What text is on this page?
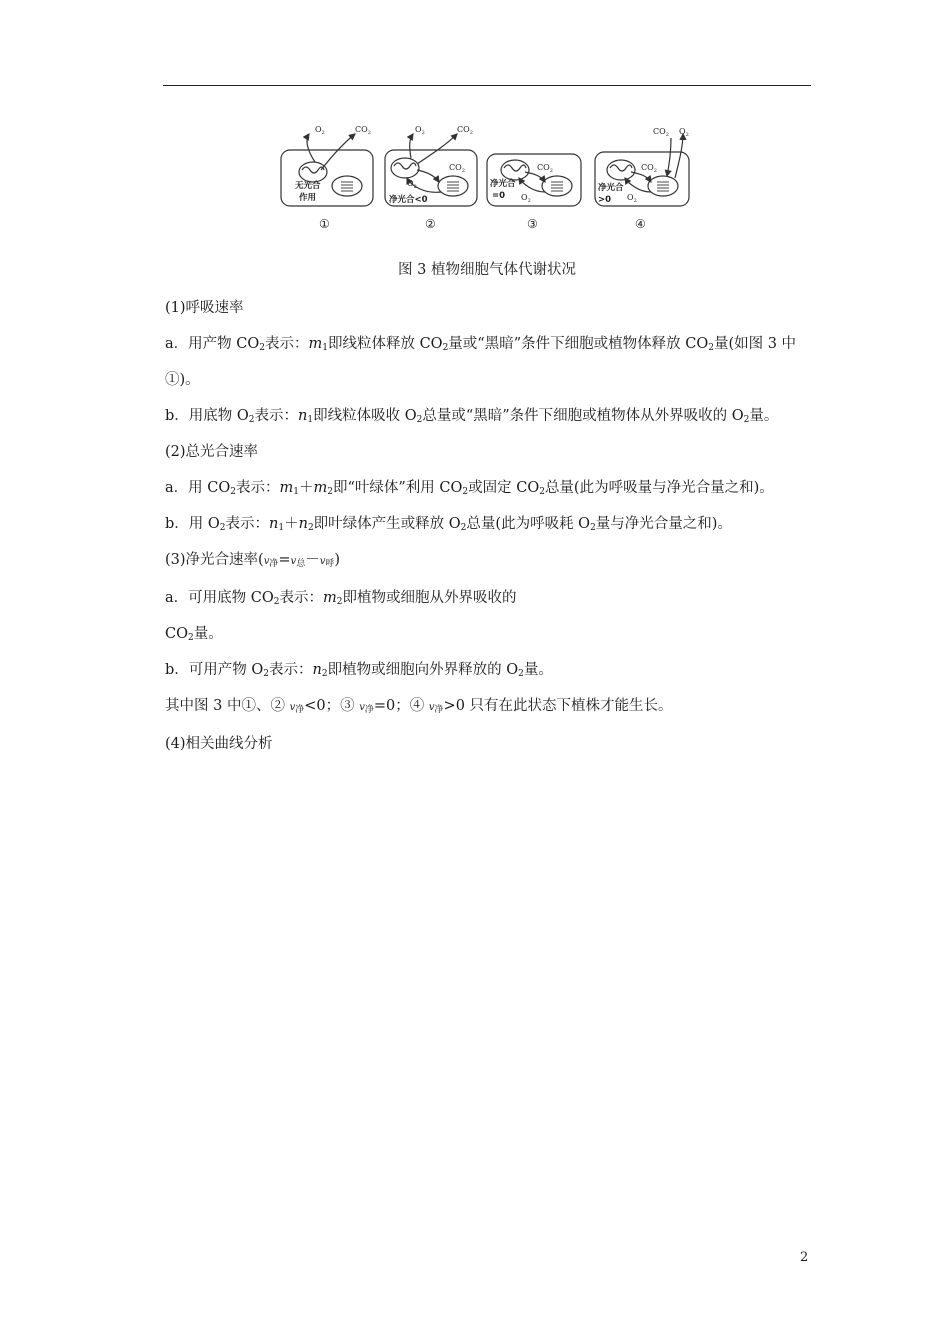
$O_2$	$CO_2$	$O_2$	$CO_2$
$CO_2$
$O_2$
$CO_2$
$O_2$
$CO_2$
$O_2$
$CO_2$ $O_2$
无光合
作用	净光合<0
净光合
=0
净光合
>0
①	②	③	④
图 3 植物细胞气体代谢状况

(1)呼吸速率

a．用产物 $CO_2$表示：$m_1$即线粒体释放 $CO_2$量或“黑暗”条件下细胞或植物体释放 $CO_2$量(如图 3 中①)。

b．用底物 $O_2$表示：$n_1$即线粒体吸收 $O_2$总量或“黑暗”条件下细胞或植物体从外界吸收的 $O_2$量。

(2)总光合速率

a．用 $CO_2$表示：$m_1+m_2$即“叶绿体”利用 $CO_2$或固定 $CO_2$总量(此为呼吸量与净光合量之和)。

b．用 $O_2$表示：$n_1+n_2$即叶绿体产生或释放 $O_2$总量(此为呼吸耗 $O_2$量与净光合量之和)。

(3)净光合速率$(v_净=v_总-v_呼)$

a．可用底物 $CO_2$表示：$m_2$即植物或细胞从外界吸收的

$CO_2$量。

b．可用产物 $O_2$表示：$n_2$即植物或细胞向外界释放的 $O_2$量。

其中图 3 中①、② $v_净<0$；③ $v_净=0$；④ $v_净>0$ 只有在此状态下植株才能生长。

(4)相关曲线分析

2
